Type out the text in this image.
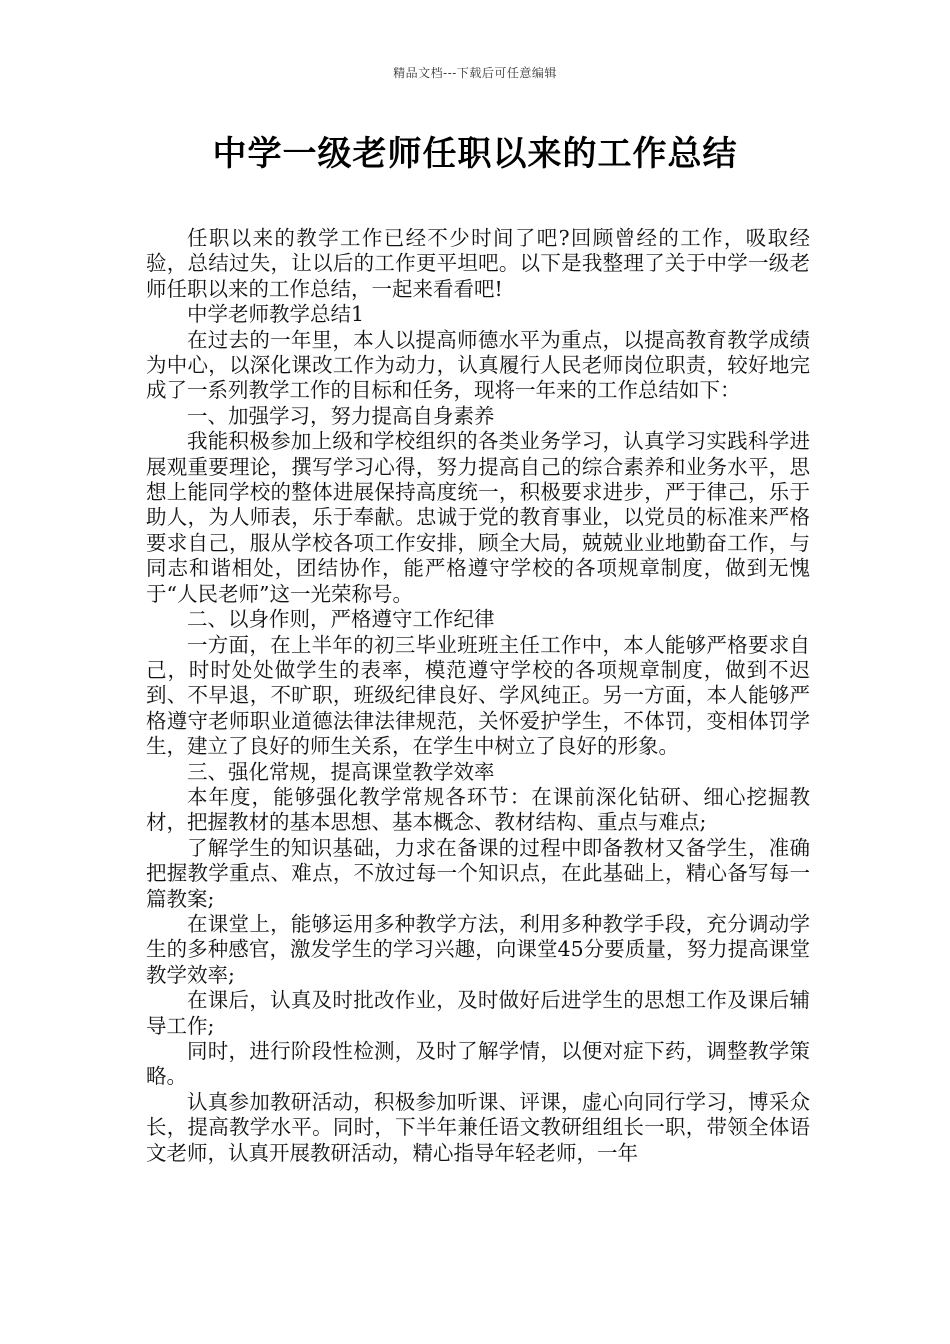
精品文档---下载后可任意编辑
中学一级老师任职以来的工作总结

任职以来的教学工作已经不少时间了吧?回顾曾经的工作，吸取经验，总结过失，让以后的工作更平坦吧。以下是我整理了关于中学一级老师任职以来的工作总结，一起来看看吧!

中学老师教学总结1

在过去的一年里，本人以提高师德水平为重点，以提高教育教学成绩为中心，以深化课改工作为动力，认真履行人民老师岗位职责，较好地完成了一系列教学工作的目标和任务，现将一年来的工作总结如下：

一、加强学习，努力提高自身素养

我能积极参加上级和学校组织的各类业务学习，认真学习实践科学进展观重要理论，撰写学习心得，努力提高自己的综合素养和业务水平，思想上能同学校的整体进展保持高度统一，积极要求进步，严于律己，乐于助人，为人师表，乐于奉献。忠诚于党的教育事业，以党员的标准来严格要求自己，服从学校各项工作安排，顾全大局，兢兢业业地勤奋工作，与同志和谐相处，团结协作，能严格遵守学校的各项规章制度，做到无愧于“人民老师”这一光荣称号。

二、以身作则，严格遵守工作纪律

一方面，在上半年的初三毕业班班主任工作中，本人能够严格要求自己，时时处处做学生的表率，模范遵守学校的各项规章制度，做到不迟到、不早退，不旷职，班级纪律良好、学风纯正。另一方面，本人能够严格遵守老师职业道德法律法律规范，关怀爱护学生，不体罚，变相体罚学生，建立了良好的师生关系，在学生中树立了良好的形象。

三、强化常规，提高课堂教学效率

本年度，能够强化教学常规各环节：在课前深化钻研、细心挖掘教材，把握教材的基本思想、基本概念、教材结构、重点与难点;

了解学生的知识基础，力求在备课的过程中即备教材又备学生，准确把握教学重点、难点，不放过每一个知识点，在此基础上，精心备写每一篇教案;

在课堂上，能够运用多种教学方法，利用多种教学手段，充分调动学生的多种感官，激发学生的学习兴趣，向课堂45分要质量，努力提高课堂教学效率;

在课后，认真及时批改作业，及时做好后进学生的思想工作及课后辅导工作;

同时，进行阶段性检测，及时了解学情，以便对症下药，调整教学策略。

认真参加教研活动，积极参加听课、评课，虚心向同行学习，博采众长，提高教学水平。同时，下半年兼任语文教研组组长一职，带领全体语文老师，认真开展教研活动，精心指导年轻老师，一年
